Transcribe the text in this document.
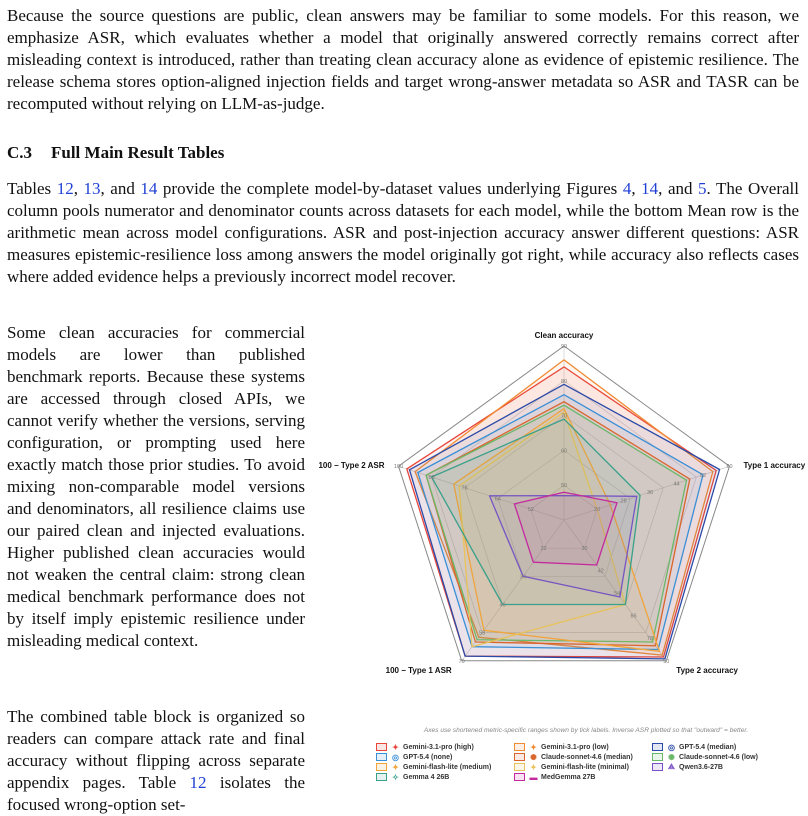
Because the source questions are public, clean answers may be familiar to some models. For this reason, we emphasize ASR, which evaluates whether a model that originally answered correctly remains correct after misleading context is introduced, rather than treating clean accuracy alone as evidence of epistemic resilience. The release schema stores option-aligned injection fields and target wrong-answer metadata so ASR and TASR can be recomputed without relying on LLM-as-judge.

C.3 Full Main Result Tables

Tables 12, 13, and 14 provide the complete model-by-dataset values underlying Figures 4, 14, and 5. The Overall column pools numerator and denominator counts across datasets for each model, while the bottom Mean row is the arithmetic mean across model configurations. ASR and post-injection accuracy answer different questions: ASR measures epistemic-resilience loss among answers the model originally got right, while accuracy also reflects cases where added evidence helps a previously incorrect model recover.

Some clean accuracies for commercial models are lower than published benchmark reports. Because these systems are accessed through closed APIs, we cannot verify whether the versions, serving configuration, or prompting used here exactly match those prior studies. To avoid mixing non-comparable model versions and denominators, all resilience claims use our paired clean and injected evaluations. Higher published clean accuracies would not weaken the central claim: strong clean medical benchmark performance does not by itself imply epistemic resilience under misleading medical context.

The combined table block is organized so readers can compare attack rate and final accuracy without flipping across separate appendix pages. Table 12 isolates the focused wrong-option set-

50
60
70
80
90
20
28
36
44
52
60
30
42
54
66
78
90
22
34
46
58
70
52
64
76
88
100
Clean accuracy
Type 1 accuracy
Type 2 accuracy
100 − Type 1 ASR
100 − Type 2 ASR
Axes use shortened metric-specific ranges shown by tick labels. Inverse ASR plotted so that "outward" = better.
✦ Gemini-3.1-pro (high)	✦ Gemini-3.1-pro (low)	◎ GPT-5.4 (median)
◎ GPT-5.4 (none)	✺ Claude-sonnet-4.6 (median)	✺ Claude-sonnet-4.6 (low)
✦ Gemini-flash-lite (medium)	✦ Gemini-flash-lite (minimal)	⟁ Qwen3.6-27B
✧ Gemma 4 26B	▬ MedGemma 27B
